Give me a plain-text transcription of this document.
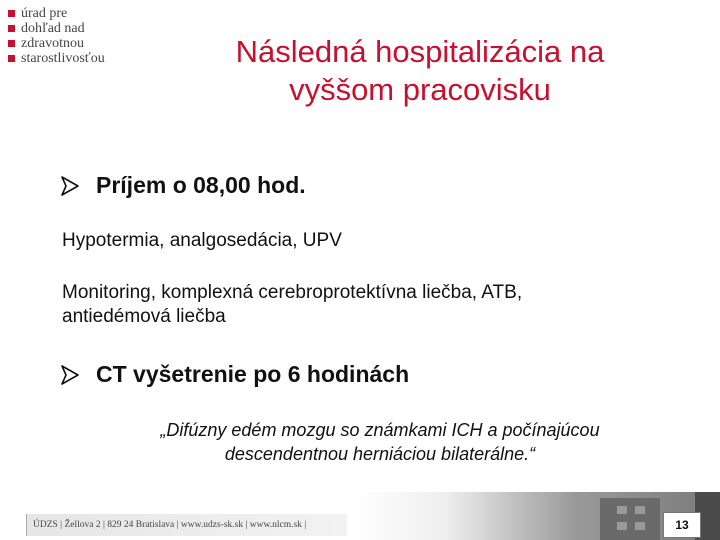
úrad pre
dohľad nad
zdravotnou
starostlivosťou	Následná hospitalizácia na
vyššom pracovisku
Príjem o 08,00 hod.
Hypotermia, analgosedácia, UPV
Monitoring, komplexná cerebroprotektívna liečba, ATB,
antiedémová liečba
CT vyšetrenie po 6 hodinách
„Difúzny edém mozgu so známkami ICH a počínajúcou
descendentnou herniáciou bilaterálne.“
ÚDZS | Žellova 2 | 829 24 Bratislava | www.udzs-sk.sk | www.nlcm.sk |	13
